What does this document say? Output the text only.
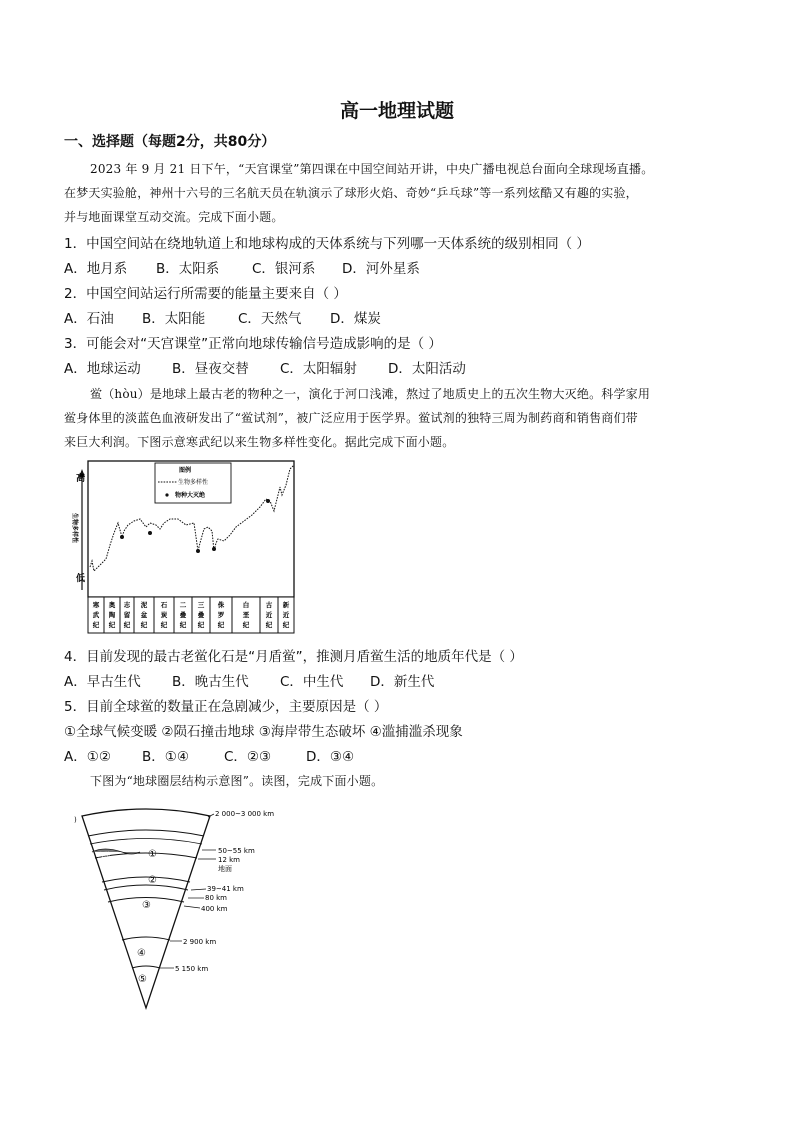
高一地理试题
一、选择题（每题2分，共80分）
2023 年 9 月 21 日下午，“天宫课堂”第四课在中国空间站开讲，中央广播电视总台面向全球现场直播。
在梦天实验舱，神州十六号的三名航天员在轨演示了球形火焰、奇妙“乒乓球”等一系列炫酷又有趣的实验，
并与地面课堂互动交流。完成下面小题。
1．中国空间站在绕地轨道上和地球构成的天体系统与下列哪一天体系统的级别相同（ ）
A．地月系 B．太阳系 C．银河系 D．河外星系
2．中国空间站运行所需要的能量主要来自（ ）
A．石油 B．太阳能 C．天然气 D．煤炭
3．可能会对“天宫课堂”正常向地球传输信号造成影响的是（ ）
A．地球运动 B．昼夜交替 C．太阳辐射 D．太阳活动
鲎（hòu）是地球上最古老的物种之一，演化于河口浅滩，熬过了地质史上的五次生物大灭绝。科学家用
鲎身体里的淡蓝色血液研发出了“鲎试剂”，被广泛应用于医学界。鲎试剂的独特三周为制药商和销售商们带
来巨大利润。下图示意寒武纪以来生物多样性变化。据此完成下面小题。
高
低
生物多样性
图例
生物多样性
物种大灭绝
寒
武
纪
奥
陶
纪
志
留
纪
泥
盆
纪
石
炭
纪
二
叠
纪
三
叠
纪
侏
罗
纪
白
垩
纪
古
近
纪
新
近
纪
4．目前发现的最古老鲎化石是“月盾鲎”，推测月盾鲎生活的地质年代是（ ）
A．早古生代 B．晚古生代 C．中生代 D．新生代
5．目前全球鲎的数量正在急剧减少，主要原因是（ ）
①全球气候变暖 ②陨石撞击地球 ③海岸带生态破坏 ④滥捕滥杀现象
A．①② B．①④	C．②③	D．③④
下图为“地球圈层结构示意图”。读图，完成下面小题。
)
海洋	①
②
③
④
⑤
2 000~3 000 km
50~55 km
12 km
地面
39~41 km
80 km
400 km
2 900 km
5 150 km
